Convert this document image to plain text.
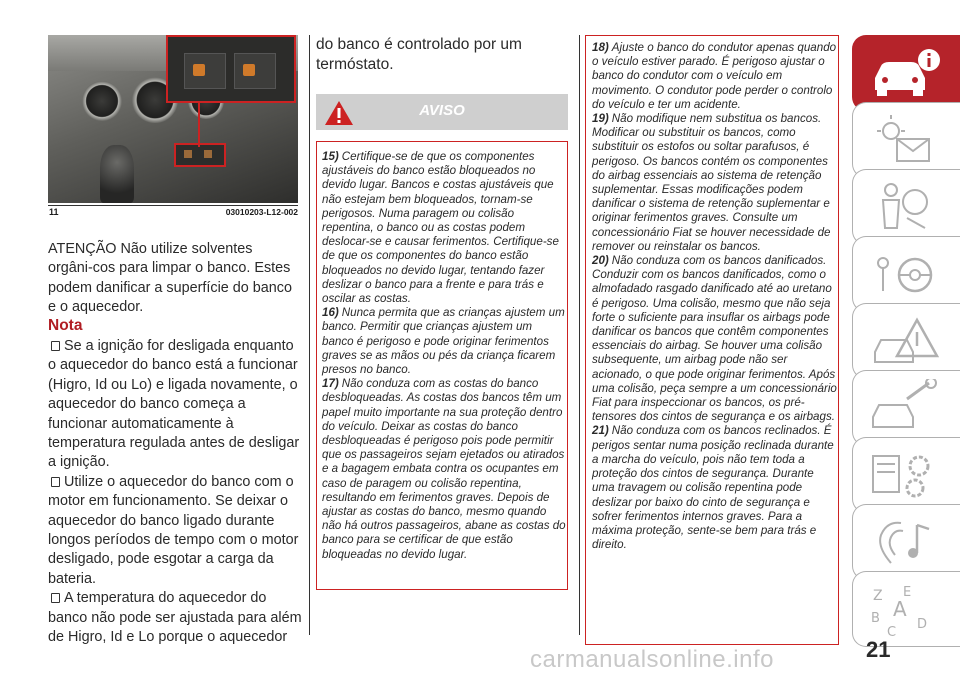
11	03010203-L12-002
ATENÇÃO Não utilize solventes orgâni-cos para limpar o banco. Estes podem danificar a superfície do banco e o aquecedor.
Nota
Se a ignição for desligada enquanto o aquecedor do banco está a funcionar (Higro, Id ou Lo) e ligada novamente, o aquecedor do banco começa a funcionar automaticamente à temperatura regulada antes de desligar a ignição.
Utilize o aquecedor do banco com o motor em funcionamento. Se deixar o aquecedor do banco ligado durante longos períodos de tempo com o motor desligado, pode esgotar a carga da bateria.
A temperatura do aquecedor do banco não pode ser ajustada para além de Higro, Id e Lo porque o aquecedor
do banco é controlado por um termóstato.
AVISO
15) Certifique-se de que os componentes ajustáveis do banco estão bloqueados no devido lugar. Bancos e costas ajustáveis que não estejam bem bloqueados, tornam-se perigosos. Numa paragem ou colisão repentina, o banco ou as costas podem deslocar-se e causar ferimentos. Certifique-se de que os componentes do banco estão bloqueados no devido lugar, tentando fazer deslizar o banco para a frente e para trás e oscilar as costas.
16) Nunca permita que as crianças ajustem um banco. Permitir que crianças ajustem um banco é perigoso e pode originar ferimentos graves se as mãos ou pés da criança ficarem presos no banco.
17) Não conduza com as costas do banco desbloqueadas. As costas dos bancos têm um papel muito importante na sua proteção dentro do veículo. Deixar as costas do banco desbloqueadas é perigoso pois pode permitir que os passageiros sejam ejetados ou atirados e a bagagem embata contra os ocupantes em caso de paragem ou colisão repentina, resultando em ferimentos graves. Depois de ajustar as costas do banco, mesmo quando não há outros passageiros, abane as costas do banco para se certificar de que estão bloqueadas no devido lugar.
18) Ajuste o banco do condutor apenas quando o veículo estiver parado. É perigoso ajustar o banco do condutor com o veículo em movimento. O condutor pode perder o controlo do veículo e ter um acidente.
19) Não modifique nem substitua os bancos. Modificar ou substituir os bancos, como substituir os estofos ou soltar parafusos, é perigoso. Os bancos contém os componentes do airbag essenciais ao sistema de retenção suplementar. Essas modificações podem danificar o sistema de retenção suplementar e originar ferimentos graves. Consulte um concessionário Fiat se houver necessidade de remover ou reinstalar os bancos.
20) Não conduza com os bancos danificados. Conduzir com os bancos danificados, como o almofadado rasgado danificado até ao uretano é perigoso. Uma colisão, mesmo que não seja forte o suficiente para insuflar os airbags pode danificar os bancos que contêm componentes essenciais do airbag. Se houver uma colisão subsequente, um airbag pode não ser acionado, o que pode originar ferimentos. Após uma colisão, peça sempre a um concessionário Fiat para inspeccionar os bancos, os pré-tensores dos cintos de segurança e os airbags.
21) Não conduza com os bancos reclinados. É perigos sentar numa posição reclinada durante a marcha do veículo, pois não tem toda a proteção dos cintos de segurança. Durante uma travagem ou colisão repentina pode deslizar por baixo do cinto de segurança e sofrer ferimentos internos graves. Para a máxima proteção, sente-se bem para trás e direito.
Z E
B A
C
D
carmanualsonline.info	21
